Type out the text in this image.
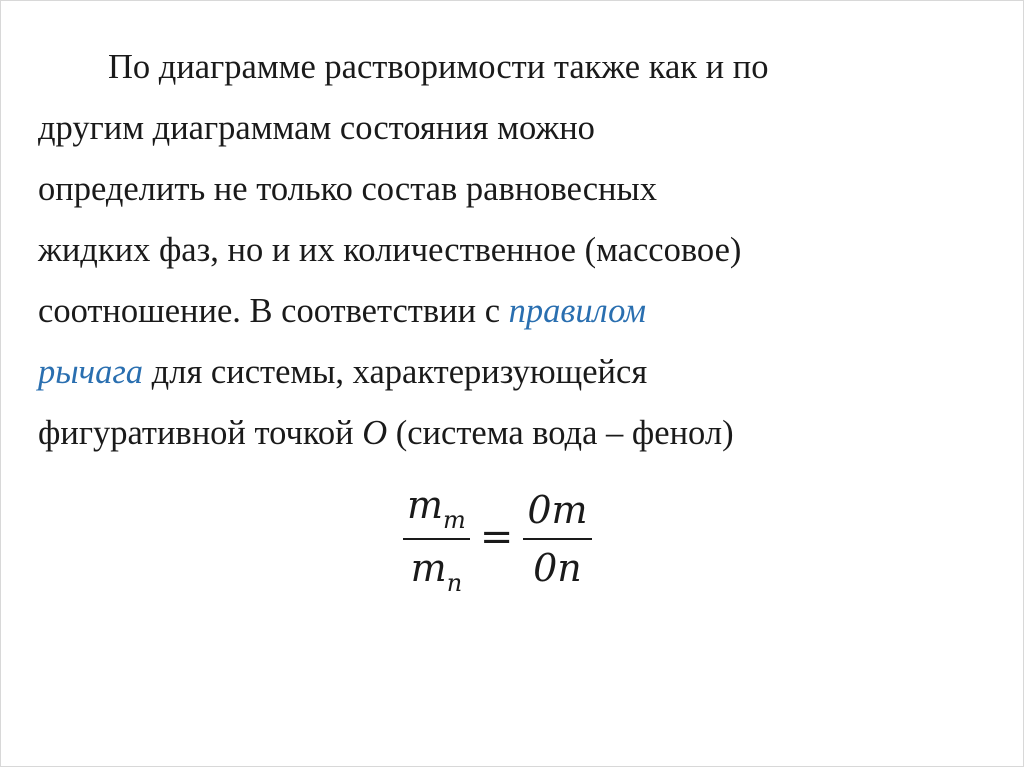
По диаграмме растворимости также как и по
другим диаграммам состояния можно
определить не только состав равновесных
жидких фаз, но и их количественное (массовое)
соотношение. В соответствии с правилом
рычага для системы, характеризующейся
фигуративной точкой O (система вода – фенол)

$\frac{m_m}{m_n} = \frac{0m}{0n}$
